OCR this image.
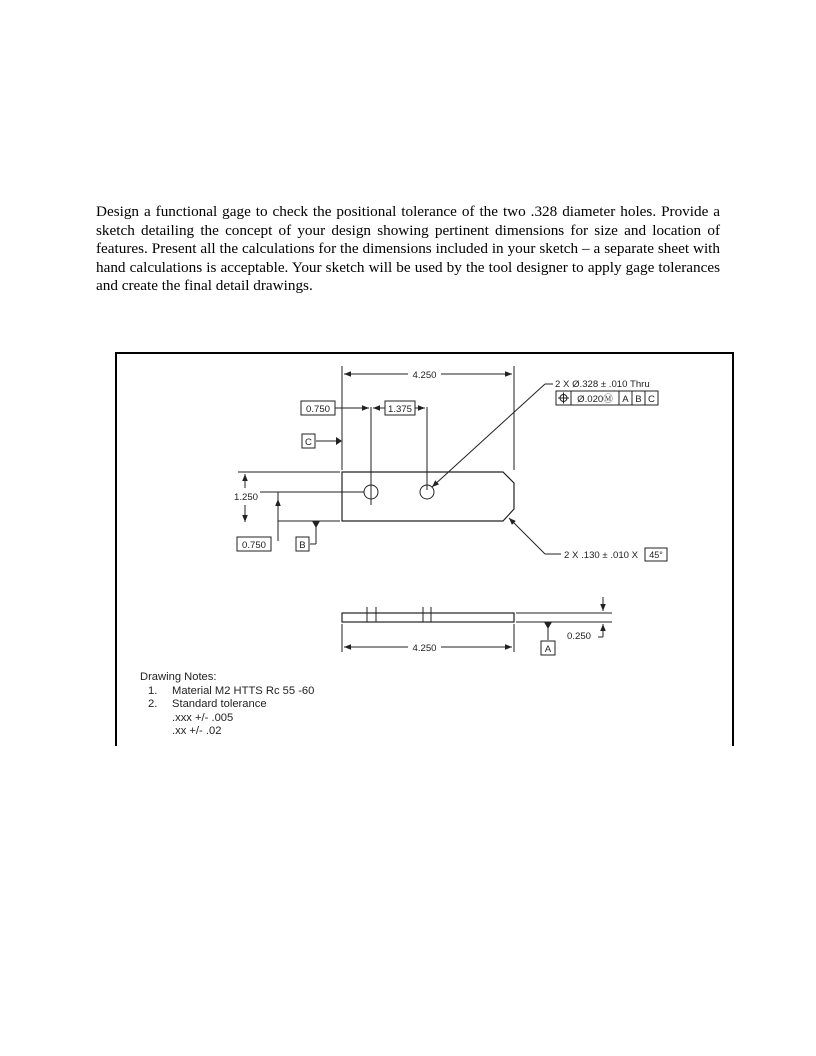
Design a functional gage to check the positional tolerance of the two .328 diameter holes. Provide a sketch detailing the concept of your design showing pertinent dimensions for size and location of features. Present all the calculations for the dimensions included in your sketch – a separate sheet with hand calculations is acceptable. Your sketch will be used by the tool designer to apply gage tolerances and create the final detail drawings.

4.250
0.750	1.375
C
1.250
0.750	B
2 X Ø.328 ± .010 Thru
Ø.020Ⓜ A B C
2 X .130 ± .010 X 45°
4.250
0.250
A
Drawing Notes:
1. Material M2 HTTS Rc 55 -60
2. Standard tolerance
.xxx +/- .005
.xx +/- .02
